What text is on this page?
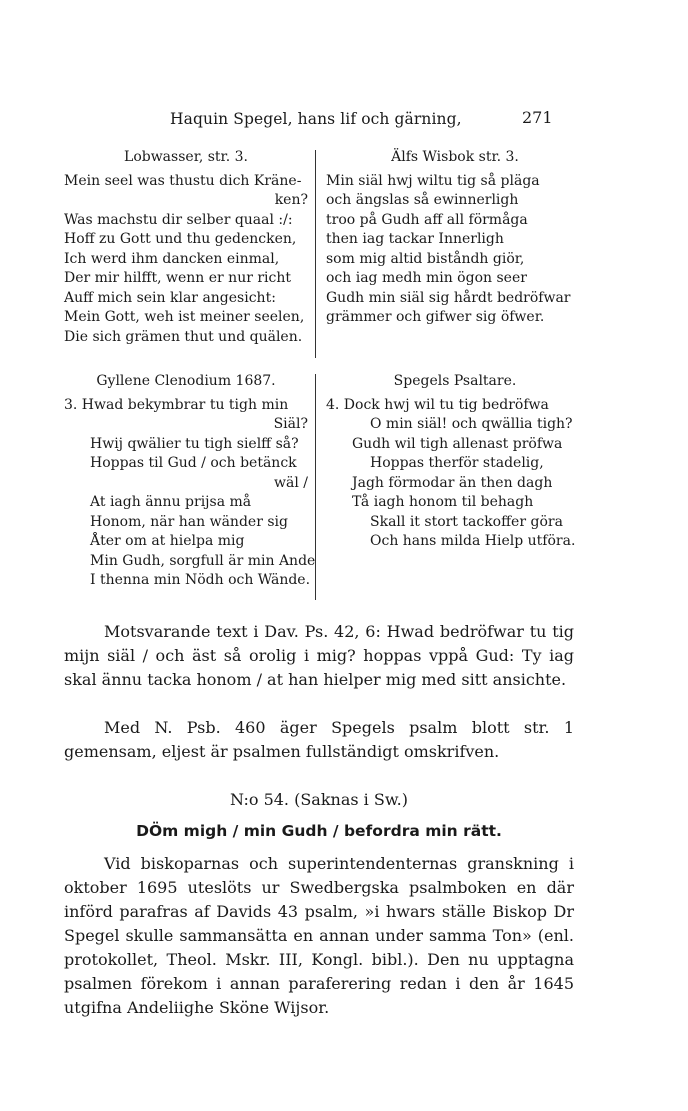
Haquin Spegel, hans lif och gärning,	271
Lobwasser, str. 3.
Mein seel was thustu dich Kräne-
ken?
Was machstu dir selber quaal :/:
Hoff zu Gott und thu gedencken,
Ich werd ihm dancken einmal,
Der mir hilfft, wenn er nur richt
Auff mich sein klar angesicht:
Mein Gott, weh ist meiner seelen,
Die sich grämen thut und quälen.
Älfs Wisbok str. 3.
Min siäl hwj wiltu tig så pläga
och ängslas så ewinnerligh
troo på Gudh aff all förmåga
then iag tackar Innerligh
som mig altid biståndh giör,
och iag medh min ögon seer
Gudh min siäl sig hårdt bedröfwar
grämmer och gifwer sig öfwer.
Gyllene Clenodium 1687.
3. Hwad bekymbrar tu tigh min
Siäl?
Hwij qwälier tu tigh sielff så?
Hoppas til Gud / och betänck
wäl /
At iagh ännu prijsa må
Honom, när han wänder sig
Åter om at hielpa mig
Min Gudh, sorgfull är min Ande
I thenna min Nödh och Wände.
Spegels Psaltare.
4. Dock hwj wil tu tig bedröfwa
O min siäl! och qwällia tigh?
Gudh wil tigh allenast pröfwa
Hoppas therför stadelig,
Jagh förmodar än then dagh
Tå iagh honom til behagh
Skall it stort tackoffer göra
Och hans milda Hielp utföra.

Motsvarande text i Dav. Ps. 42, 6: Hwad bedröfwar tu tig mijn siäl / och äst så orolig i mig? hoppas vppå Gud: Ty iag skal ännu tacka honom / at han hielper mig med sitt ansichte.

Med N. Psb. 460 äger Spegels psalm blott str. 1 gemensam, eljest är psalmen fullständigt omskrifven.

N:o 54. (Saknas i Sw.)
DÖm migh / min Gudh / befordra min rätt.

Vid biskoparnas och superintendenternas granskning i oktober 1695 uteslöts ur Swedbergska psalmboken en där införd parafras af Davids 43 psalm, »i hwars ställe Biskop Dr Spegel skulle sammansätta en annan under samma Ton» (enl. protokollet, Theol. Mskr. III, Kongl. bibl.). Den nu upptagna psalmen förekom i annan paraferering redan i den år 1645 utgifna Andeliighe Sköne Wijsor.
